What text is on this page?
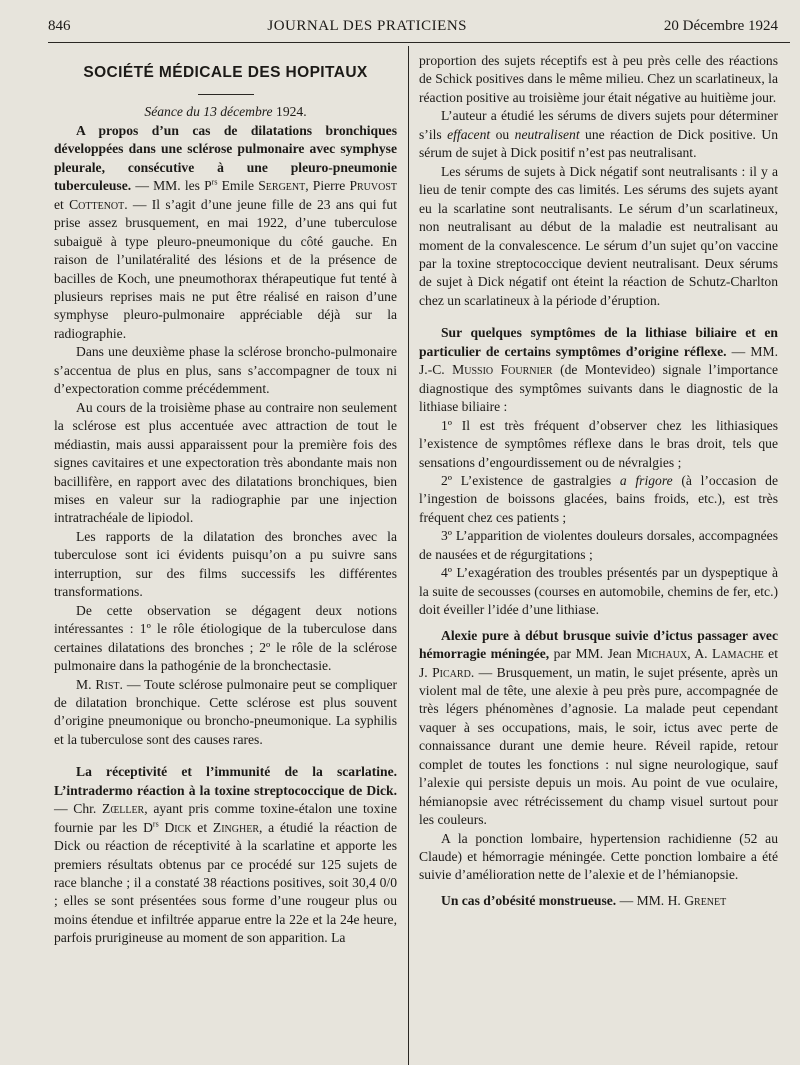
846	JOURNAL DES PRATICIENS	20 Décembre 1924
SOCIÉTÉ MÉDICALE DES HOPITAUX

Séance du 13 décembre 1924.

A propos d’un cas de dilatations bronchiques développées dans une sclérose pulmonaire avec symphyse pleurale, consécutive à une pleuro-pneumonie tuberculeuse. — MM. les $P^{rs}$ Emile Sergent, Pierre Pruvost et Cottenot. — Il s’agit d’une jeune fille de 23 ans qui fut prise assez brusquement, en mai 1922, d’une tuberculose subaiguë à type pleuro-pneumonique du côté gauche. En raison de l’unilatéralité des lésions et de la présence de bacilles de Koch, une pneumothorax thérapeutique fut tenté à plusieurs reprises mais ne put être réalisé en raison d’une symphyse pleuro-pulmonaire appréciable déjà sur la radiographie.

Dans une deuxième phase la sclérose broncho-pulmonaire s’accentua de plus en plus, sans s’accompagner de toux ni d’expectoration comme précédemment.

Au cours de la troisième phase au contraire non seulement la sclérose est plus accentuée avec attraction de tout le médiastin, mais aussi apparaissent pour la première fois des signes cavitaires et une expectoration très abondante mais non bacillifère, en rapport avec des dilatations bronchiques, bien mises en valeur sur la radiographie par une injection intratrachéale de lipiodol.

Les rapports de la dilatation des bronches avec la tuberculose sont ici évidents puisqu’on a pu suivre sans interruption, sur des films successifs les différentes transformations.

De cette observation se dégagent deux notions intéressantes : 1º le rôle étiologique de la tuberculose dans certaines dilatations des bronches ; 2º le rôle de la sclérose pulmonaire dans la pathogénie de la bronchectasie.

M. Rist. — Toute sclérose pulmonaire peut se compliquer de dilatation bronchique. Cette sclérose est plus souvent d’origine pneumonique ou broncho-pneumonique. La syphilis et la tuberculose sont des causes rares.

La réceptivité et l’immunité de la scarlatine. L’intradermo réaction à la toxine streptococcique de Dick. — Chr. Zœller, ayant pris comme toxine-étalon une toxine fournie par les $D^{rs}$ Dick et Zingher, a étudié la réaction de Dick ou réaction de réceptivité à la scarlatine et apporte les premiers résultats obtenus par ce procédé sur 125 sujets de race blanche ; il a constaté 38 réactions positives, soit 30,4 0/0 ; elles se sont présentées sous forme d’une rougeur plus ou moins étendue et infiltrée apparue entre la 22e et la 24e heure, parfois prurigineuse au moment de son apparition. La

proportion des sujets réceptifs est à peu près celle des réactions de Schick positives dans le même milieu. Chez un scarlatineux, la réaction positive au troisième jour était négative au huitième jour.

L’auteur a étudié les sérums de divers sujets pour déterminer s’ils effacent ou neutralisent une réaction de Dick positive. Un sérum de sujet à Dick positif n’est pas neutralisant.

Les sérums de sujets à Dick négatif sont neutralisants : il y a lieu de tenir compte des cas limités. Les sérums des sujets ayant eu la scarlatine sont neutralisants. Le sérum d’un scarlatineux, non neutralisant au début de la maladie est neutralisant au moment de la convalescence. Le sérum d’un sujet qu’on vaccine par la toxine streptococcique devient neutralisant. Deux sérums de sujet à Dick négatif ont éteint la réaction de Schutz-Charlton chez un scarlatineux à la période d’éruption.

Sur quelques symptômes de la lithiase biliaire et en particulier de certains symptômes d’origine réflexe. — MM. J.-C. Mussio Fournier (de Montevideo) signale l’importance diagnostique des symptômes suivants dans le diagnostic de la lithiase biliaire :

1º Il est très fréquent d’observer chez les lithiasiques l’existence de symptômes réflexe dans le bras droit, tels que sensations d’engourdissement ou de névralgies ;

2º L’existence de gastralgies a frigore (à l’occasion de l’ingestion de boissons glacées, bains froids, etc.), est très fréquent chez ces patients ;

3º L’apparition de violentes douleurs dorsales, accompagnées de nausées et de régurgitations ;

4º L’exagération des troubles présentés par un dyspeptique à la suite de secousses (courses en automobile, chemins de fer, etc.) doit éveiller l’idée d’une lithiase.

Alexie pure à début brusque suivie d’ictus passager avec hémorragie méningée, par MM. Jean Michaux, A. Lamache et J. Picard. — Brusquement, un matin, le sujet présente, après un violent mal de tête, une alexie à peu près pure, accompagnée de très légers phénomènes d’agnosie. La malade peut cependant vaquer à ses occupations, mais, le soir, ictus avec perte de connaissance durant une demie heure. Réveil rapide, retour complet de toutes les fonctions : nul signe neurologique, sauf l’alexie qui persiste depuis un mois. Au point de vue oculaire, hémianopsie avec rétrécissement du champ visuel surtout pour les couleurs.

A la ponction lombaire, hypertension rachidienne (52 au Claude) et hémorragie méningée. Cette ponction lombaire a été suivie d’amélioration nette de l’alexie et de l’hémianopsie.

Un cas d’obésité monstrueuse. — MM. H. Grenet
